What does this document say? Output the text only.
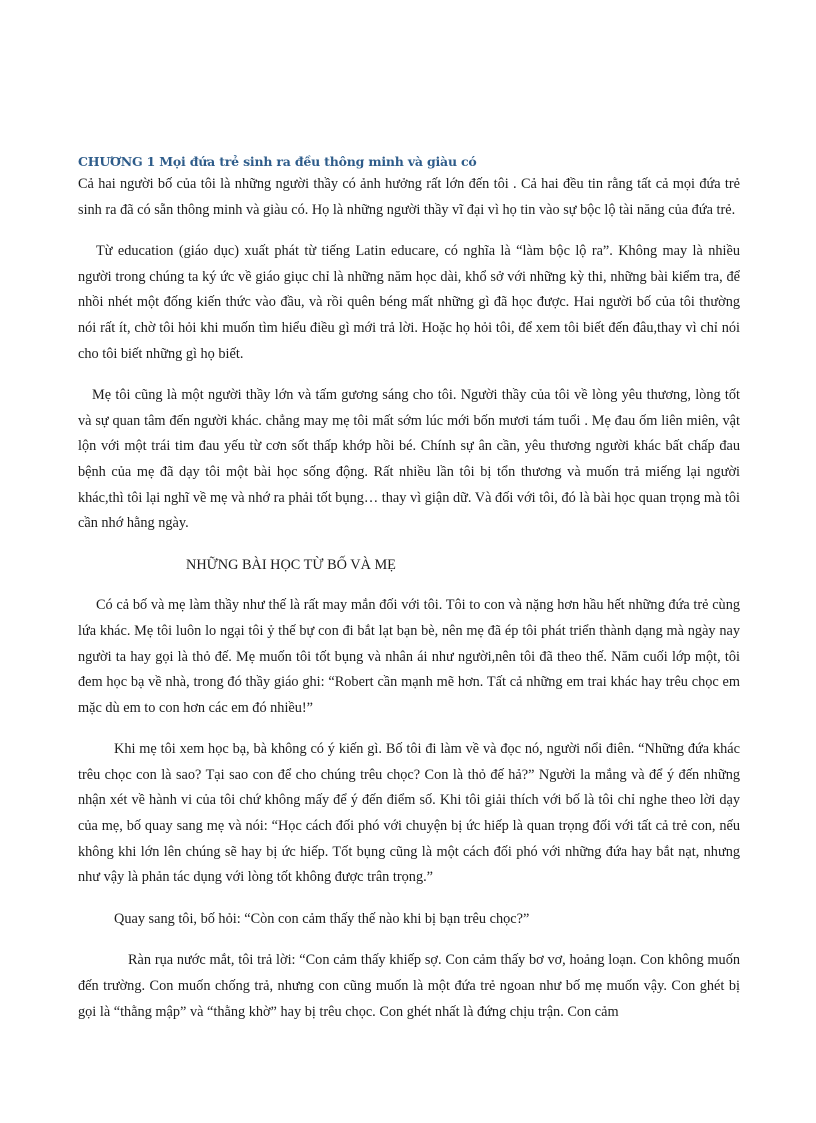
CHƯƠNG 1 Mọi đứa trẻ sinh ra đều thông minh và giàu có

Cả hai người bố của tôi là những người thầy có ảnh hưởng rất lớn đến tôi . Cả hai đều tin rằng tất cả mọi đứa trẻ sinh ra đã có sẵn thông minh và giàu có. Họ là những người thầy vĩ đại vì họ tin vào sự bộc lộ tài năng của đứa trẻ.

Từ education (giáo dục) xuất phát từ tiếng Latin educare, có nghĩa là “làm bộc lộ ra”. Không may là nhiều người trong chúng ta ký ức về giáo giục chỉ là những năm học dài, khổ sở với những kỳ thi, những bài kiểm tra, để nhồi nhét một đống kiến thức vào đầu, và rồi quên béng mất những gì đã học được. Hai người bố của tôi thường nói rất ít, chờ tôi hỏi khi muốn tìm hiểu điều gì mới trả lời. Hoặc họ hỏi tôi, để xem tôi biết đến đâu,thay vì chỉ nói cho tôi biết những gì họ biết.

Mẹ tôi cũng là một người thầy lớn và tấm gương sáng cho tôi. Người thầy của tôi về lòng yêu thương, lòng tốt và sự quan tâm đến người khác. chẳng may mẹ tôi mất sớm lúc mới bốn mươi tám tuổi . Mẹ đau ốm liên miên, vật lộn với một trái tim đau yếu từ cơn sốt thấp khớp hồi bé. Chính sự ân cần, yêu thương người khác bất chấp đau bệnh của mẹ đã dạy tôi một bài học sống động. Rất nhiều lần tôi bị tổn thương và muốn trả miếng lại người khác,thì tôi lại nghĩ về mẹ và nhớ ra phải tốt bụng… thay vì giận dữ. Và đối với tôi, đó là bài học quan trọng mà tôi cần nhớ hằng ngày.

NHỮNG BÀI HỌC TỪ BỐ VÀ MẸ

Có cả bố và mẹ làm thầy như thế là rất may mắn đối với tôi. Tôi to con và nặng hơn hầu hết những đứa trẻ cùng lứa khác. Mẹ tôi luôn lo ngại tôi ỷ thế bự con đi bắt lạt bạn bè, nên mẹ đã ép tôi phát triển thành dạng mà ngày nay người ta hay gọi là thỏ đế. Mẹ muốn tôi tốt bụng và nhân ái như người,nên tôi đã theo thế. Năm cuối lớp một, tôi đem học bạ về nhà, trong đó thầy giáo ghi: “Robert cần mạnh mẽ hơn. Tất cả những em trai khác hay trêu chọc em mặc dù em to con hơn các em đó nhiều!”

Khi mẹ tôi xem học bạ, bà không có ý kiến gì. Bố tôi đi làm về và đọc nó, người nổi điên. “Những đứa khác trêu chọc con là sao? Tại sao con để cho chúng trêu chọc? Con là thỏ đế hả?” Người la mắng và để ý đến những nhận xét về hành vi của tôi chứ không mấy để ý đến điểm số. Khi tôi giải thích với bố là tôi chỉ nghe theo lời dạy của mẹ, bố quay sang mẹ và nói: “Học cách đối phó với chuyện bị ức hiếp là quan trọng đối với tất cả trẻ con, nếu không khi lớn lên chúng sẽ hay bị ức hiếp. Tốt bụng cũng là một cách đối phó với những đứa hay bắt nạt, nhưng như vậy là phản tác dụng với lòng tốt không được trân trọng.”

Quay sang tôi, bố hỏi: “Còn con cảm thấy thế nào khi bị bạn trêu chọc?”

Ràn rụa nước mắt, tôi trả lời: “Con cảm thấy khiếp sợ. Con cảm thấy bơ vơ, hoảng loạn. Con không muốn đến trường. Con muốn chống trả, nhưng con cũng muốn là một đứa trẻ ngoan như bố mẹ muốn vậy. Con ghét bị gọi là “thằng mập” và “thằng khờ” hay bị trêu chọc. Con ghét nhất là đứng chịu trận. Con cảm
